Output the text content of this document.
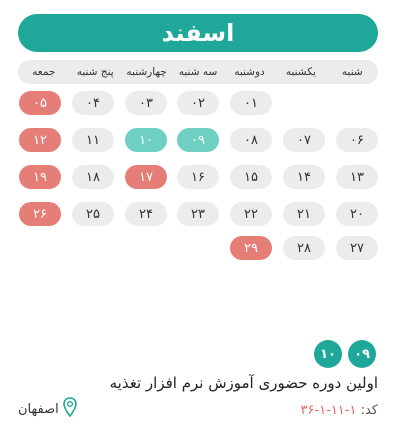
اسفند
شنبه
یکشنبه
دوشنبه
سه شنبه
چهارشنبه
پنج شنبه
جمعه
۰۱
۰۲
۰۳
۰۴
۰۵
۰۶
۰۷
۰۸
۰۹
۱۰
۱۱
۱۲
۱۳
۱۴
۱۵
۱۶
۱۷
۱۸
۱۹
۲۰
۲۱
۲۲
۲۳
۲۴
۲۵
۲۶
۲۷
۲۸
۲۹
۰۹
۱۰
اولین دوره حضوری آموزش نرم افزار تغذیه
اصفهان	کد: ۳۶-۱-۱۱-۱
